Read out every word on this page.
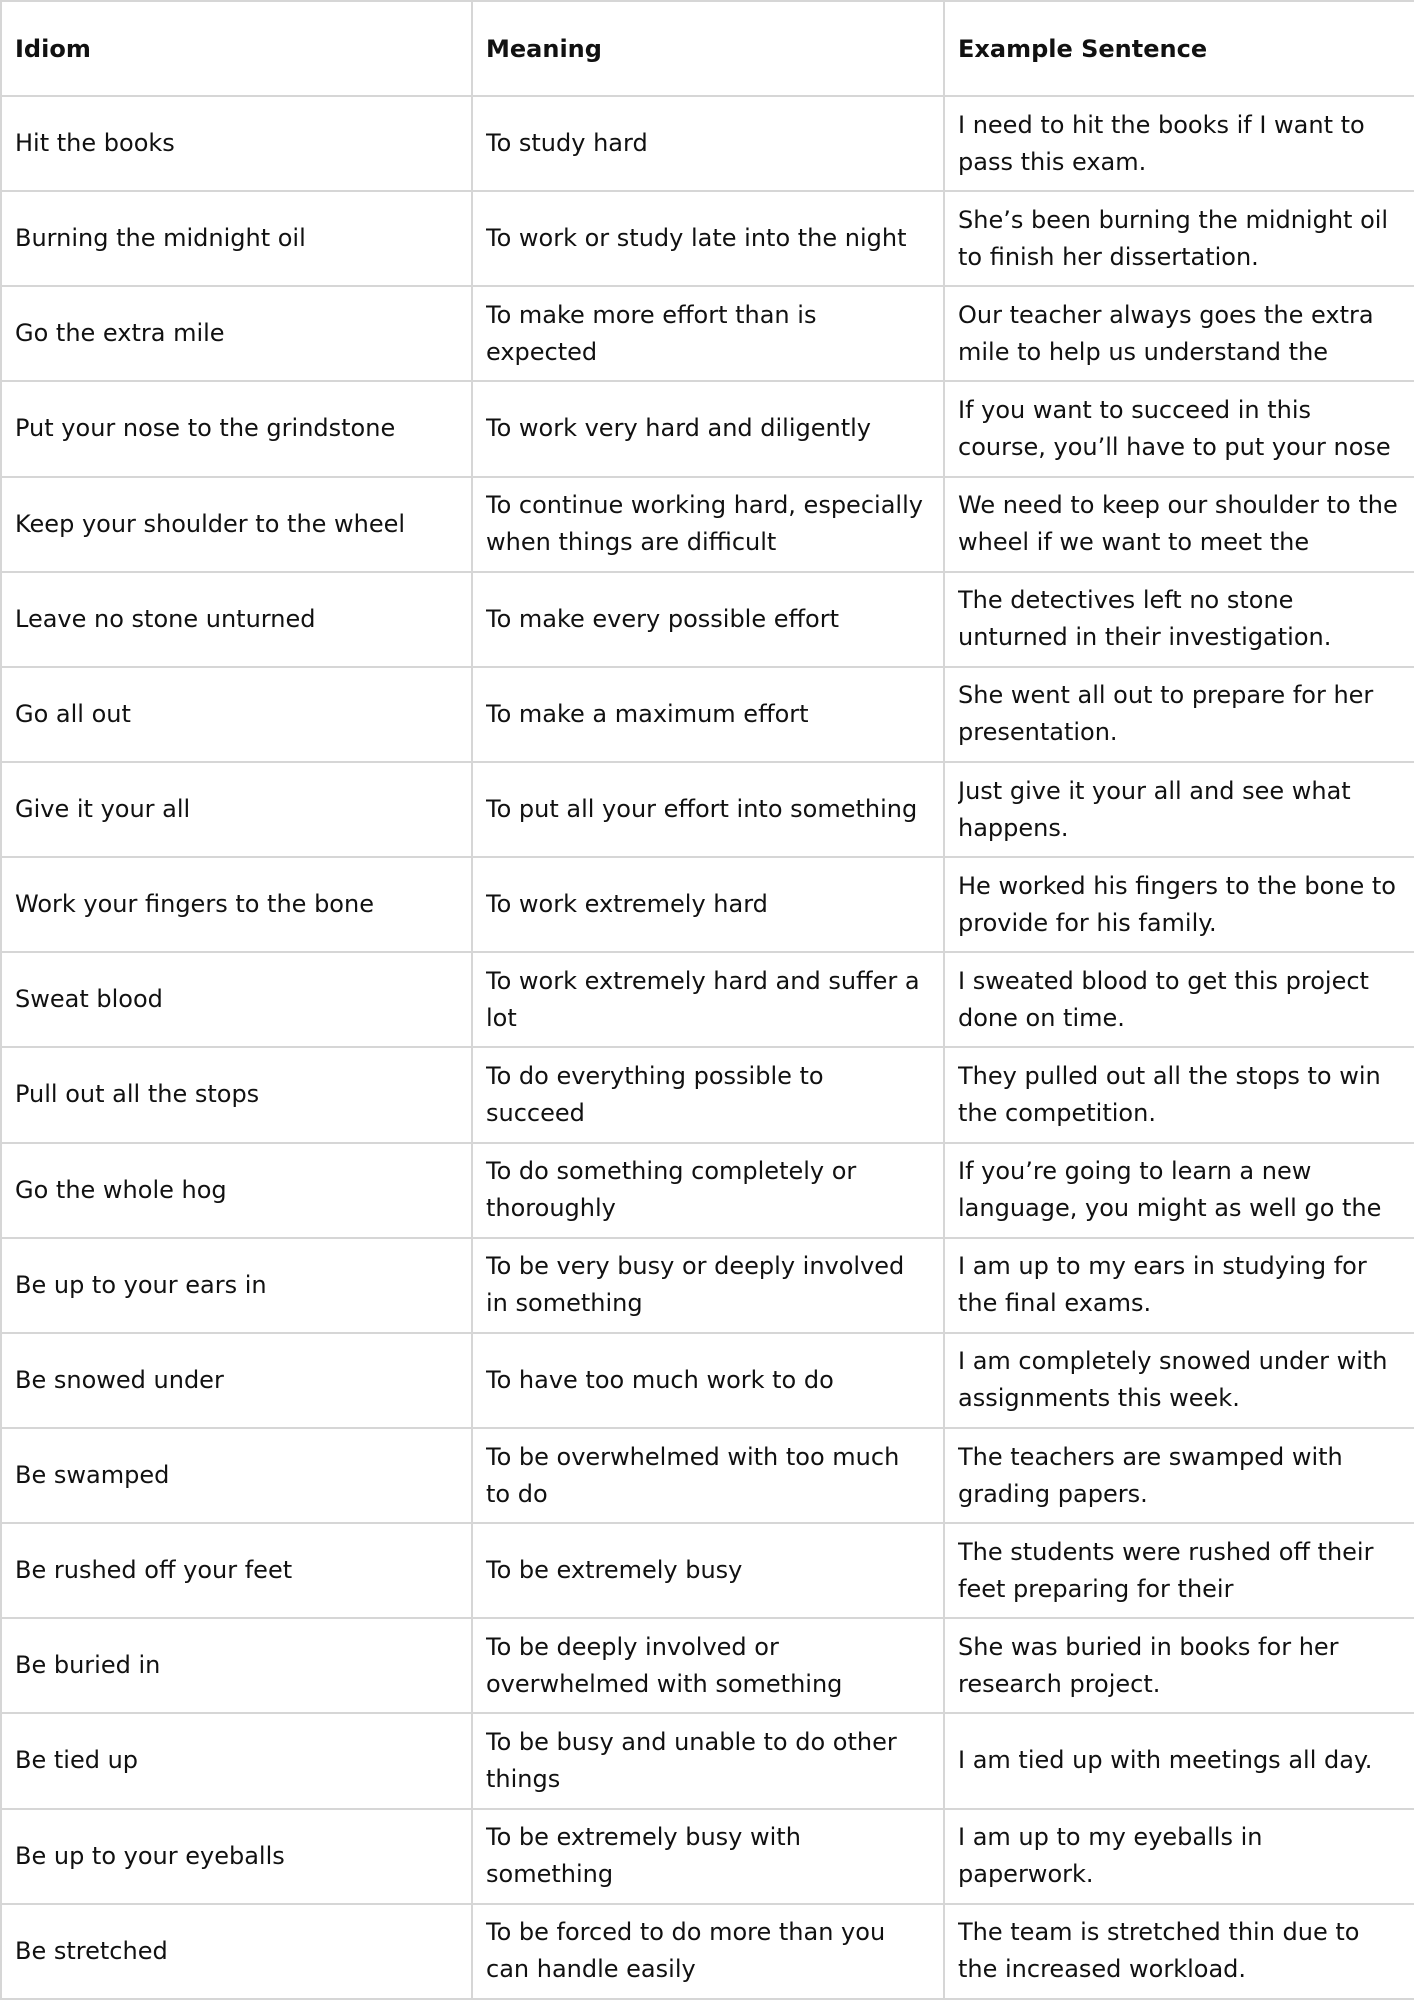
Idiom	Meaning	Example Sentence

Hit the books	To study hard	I need to hit the books if I want to pass this exam.

Burning the midnight oil	To work or study late into the night	She’s been burning the midnight oil to finish her dissertation.

Go the extra mile	To make more effort than is expected	Our teacher always goes the extra mile to help us understand the

Put your nose to the grindstone	To work very hard and diligently	If you want to succeed in this course, you’ll have to put your nose

Keep your shoulder to the wheel	To continue working hard, especially when things are difficult	We need to keep our shoulder to the wheel if we want to meet the

Leave no stone unturned	To make every possible effort	The detectives left no stone unturned in their investigation.

Go all out	To make a maximum effort	She went all out to prepare for her presentation.

Give it your all	To put all your effort into something	Just give it your all and see what happens.

Work your fingers to the bone	To work extremely hard	He worked his fingers to the bone to provide for his family.

Sweat blood	To work extremely hard and suffer a lot	I sweated blood to get this project done on time.

Pull out all the stops	To do everything possible to succeed	They pulled out all the stops to win the competition.

Go the whole hog	To do something completely or thoroughly	If you’re going to learn a new language, you might as well go the

Be up to your ears in	To be very busy or deeply involved in something	I am up to my ears in studying for the final exams.

Be snowed under	To have too much work to do	I am completely snowed under with assignments this week.

Be swamped	To be overwhelmed with too much to do	The teachers are swamped with grading papers.

Be rushed off your feet	To be extremely busy	The students were rushed off their feet preparing for their

Be buried in	To be deeply involved or overwhelmed with something	She was buried in books for her research project.

Be tied up	To be busy and unable to do other things	I am tied up with meetings all day.

Be up to your eyeballs	To be extremely busy with something	I am up to my eyeballs in paperwork.

Be stretched	To be forced to do more than you can handle easily	The team is stretched thin due to the increased workload.
